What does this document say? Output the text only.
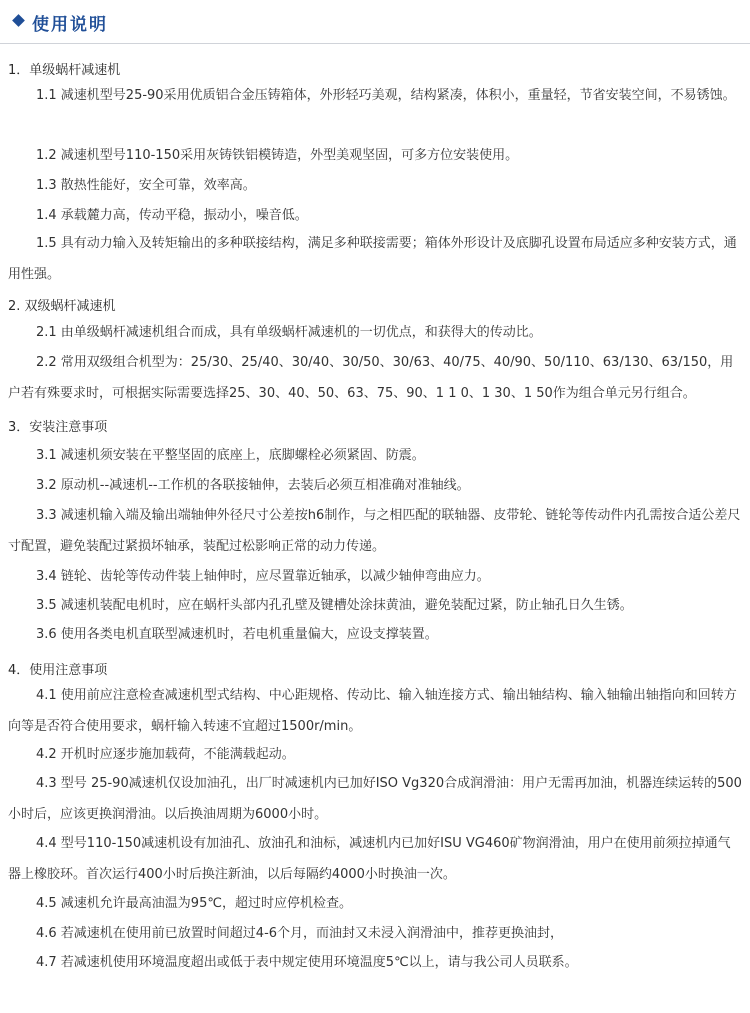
使用说明
1．单级蜗杆减速机
1.1 减速机型号25-90采用优质铝合金压铸箱体，外形轻巧美观，结构紧凑，体积小，重量轻，节省安装空间，不易锈蚀。
1.2 减速机型号110-150采用灰铸铁铝模铸造，外型美观坚固，可多方位安装使用。
1.3 散热性能好，安全可靠，效率高。
1.4 承载麓力高，传动平稳，振动小，噪音低。
1.5 具有动力输入及转矩输出的多种联接结构，满足多种联接需要；箱体外形设计及底脚孔设置布局适应多种安装方式，通用性强。
2. 双级蜗杆减速机
2.1 由单级蜗杆减速机组合而成，具有单级蜗杆减速机的一切优点，和获得大的传动比。
2.2 常用双级组合机型为：25/30、25/40、30/40、30/50、30/63、40/75、40/90、50/110、63/130、63/150，用户若有殊要求时，可根据实际需要选择25、30、40、50、63、75、90、1 1 0、1 30、1 50作为组合单元另行组合。
3．安装注意事项
3.1 减速机须安装在平整坚固的底座上，底脚螺栓必须紧固、防震。
3.2 原动机--减速机--工作机的各联接轴伸，去装后必须互相准确对准轴线。
3.3 减速机输入端及输出端轴伸外径尺寸公差按h6制作，与之相匹配的联轴器、皮带轮、链轮等传动件内孔需按合适公差尺寸配置，避免装配过紧损坏轴承，装配过松影响正常的动力传递。
3.4 链轮、齿轮等传动件装上轴伸时，应尽置靠近轴承，以减少轴伸弯曲应力。
3.5 减速机装配电机时，应在蜗杆头部内孔孔壁及键槽处涂抹黄油，避免装配过紧，防止轴孔日久生锈。
3.6 使用各类电机直联型减速机时，若电机重量偏大，应设支撑装置。
4．使用注意事项
4.1 使用前应注意检查减速机型式结构、中心距规格、传动比、输入轴连接方式、输出轴结构、输入轴输出轴指向和回转方向等是否符合使用要求，蜗杆输入转速不宜超过1500r/min。
4.2 开机时应逐步施加载荷，不能满载起动。
4.3 型号 25-90减速机仅设加油孔，出厂时减速机内已加好ISO Vg320合成润滑油：用户无需再加油，机器连续运转的500小时后，应该更换润滑油。以后换油周期为6000小时。
4.4 型号110-150减速机设有加油孔、放油孔和油标，减速机内已加好ISU VG460矿物润滑油，用户在使用前须拉掉通气器上橡胶环。首次运行400小时后换注新油，以后每隔约4000小时换油一次。
4.5 减速机允许最高油温为95℃，超过时应停机检查。
4.6 若减速机在使用前已放置时间超过4-6个月，而油封又未浸入润滑油中，推荐更换油封，
4.7 若减速机使用环境温度超出或低于表中规定使用环境温度5℃以上，请与我公司人员联系。
